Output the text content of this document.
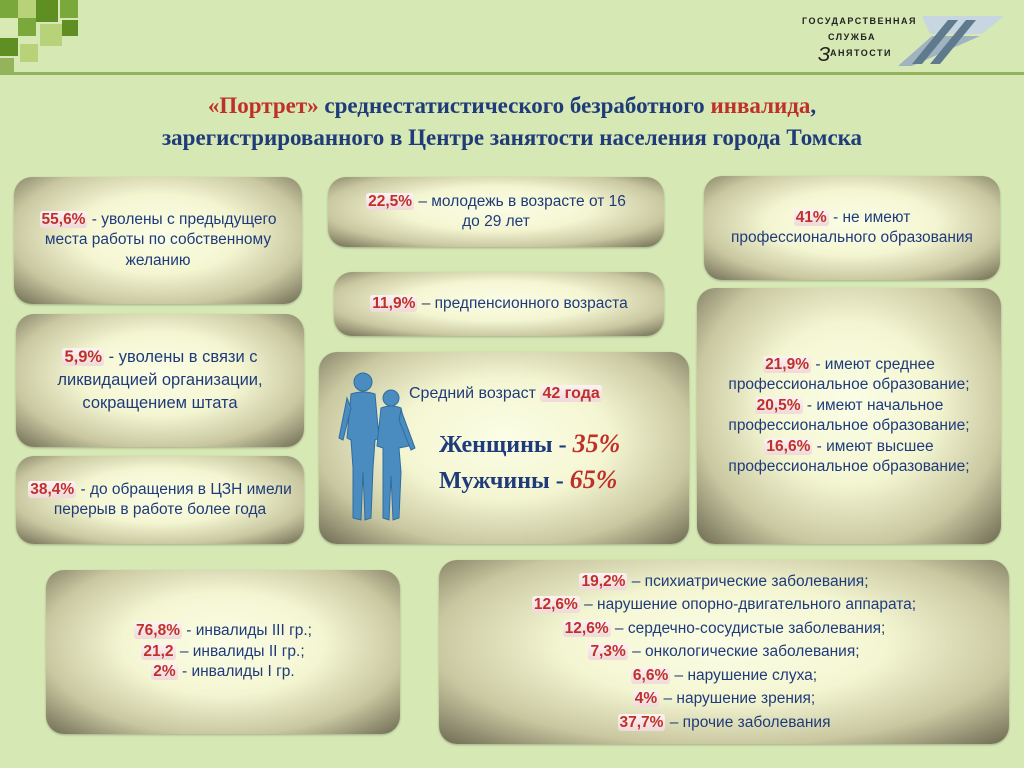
ГОСУДАРСТВЕННАЯ
СЛУЖБА
З
АНЯТОСТИ
«Портрет» среднестатистического безработного инвалида,
зарегистрированного в Центре занятости населения города Томска

55,6% - уволены с предыдущего места работы по собственному желанию

5,9% - уволены в связи с ликвидацией организации, сокращением штата

38,4% - до обращения в ЦЗН имели перерыв в работе более года

22,5% – молодежь в возрасте от 16 до 29 лет

11,9% – предпенсионного возраста

Средний возраст 42 года
Женщины - 35%
Мужчины - 65%

41% - не имеют профессионального образования

21,9% - имеют среднее профессиональное образование;

20,5% - имеют начальное профессиональное образование;

16,6% - имеют высшее профессиональное образование;

76,8% - инвалиды III гр.;

21,2 – инвалиды II гр.;

2% - инвалиды I гр.

19,2% – психиатрические заболевания;

12,6% – нарушение опорно-двигательного аппарата;

12,6% – сердечно-сосудистые заболевания;

7,3% – онкологические заболевания;

6,6% – нарушение слуха;

4% – нарушение зрения;

37,7% – прочие заболевания
